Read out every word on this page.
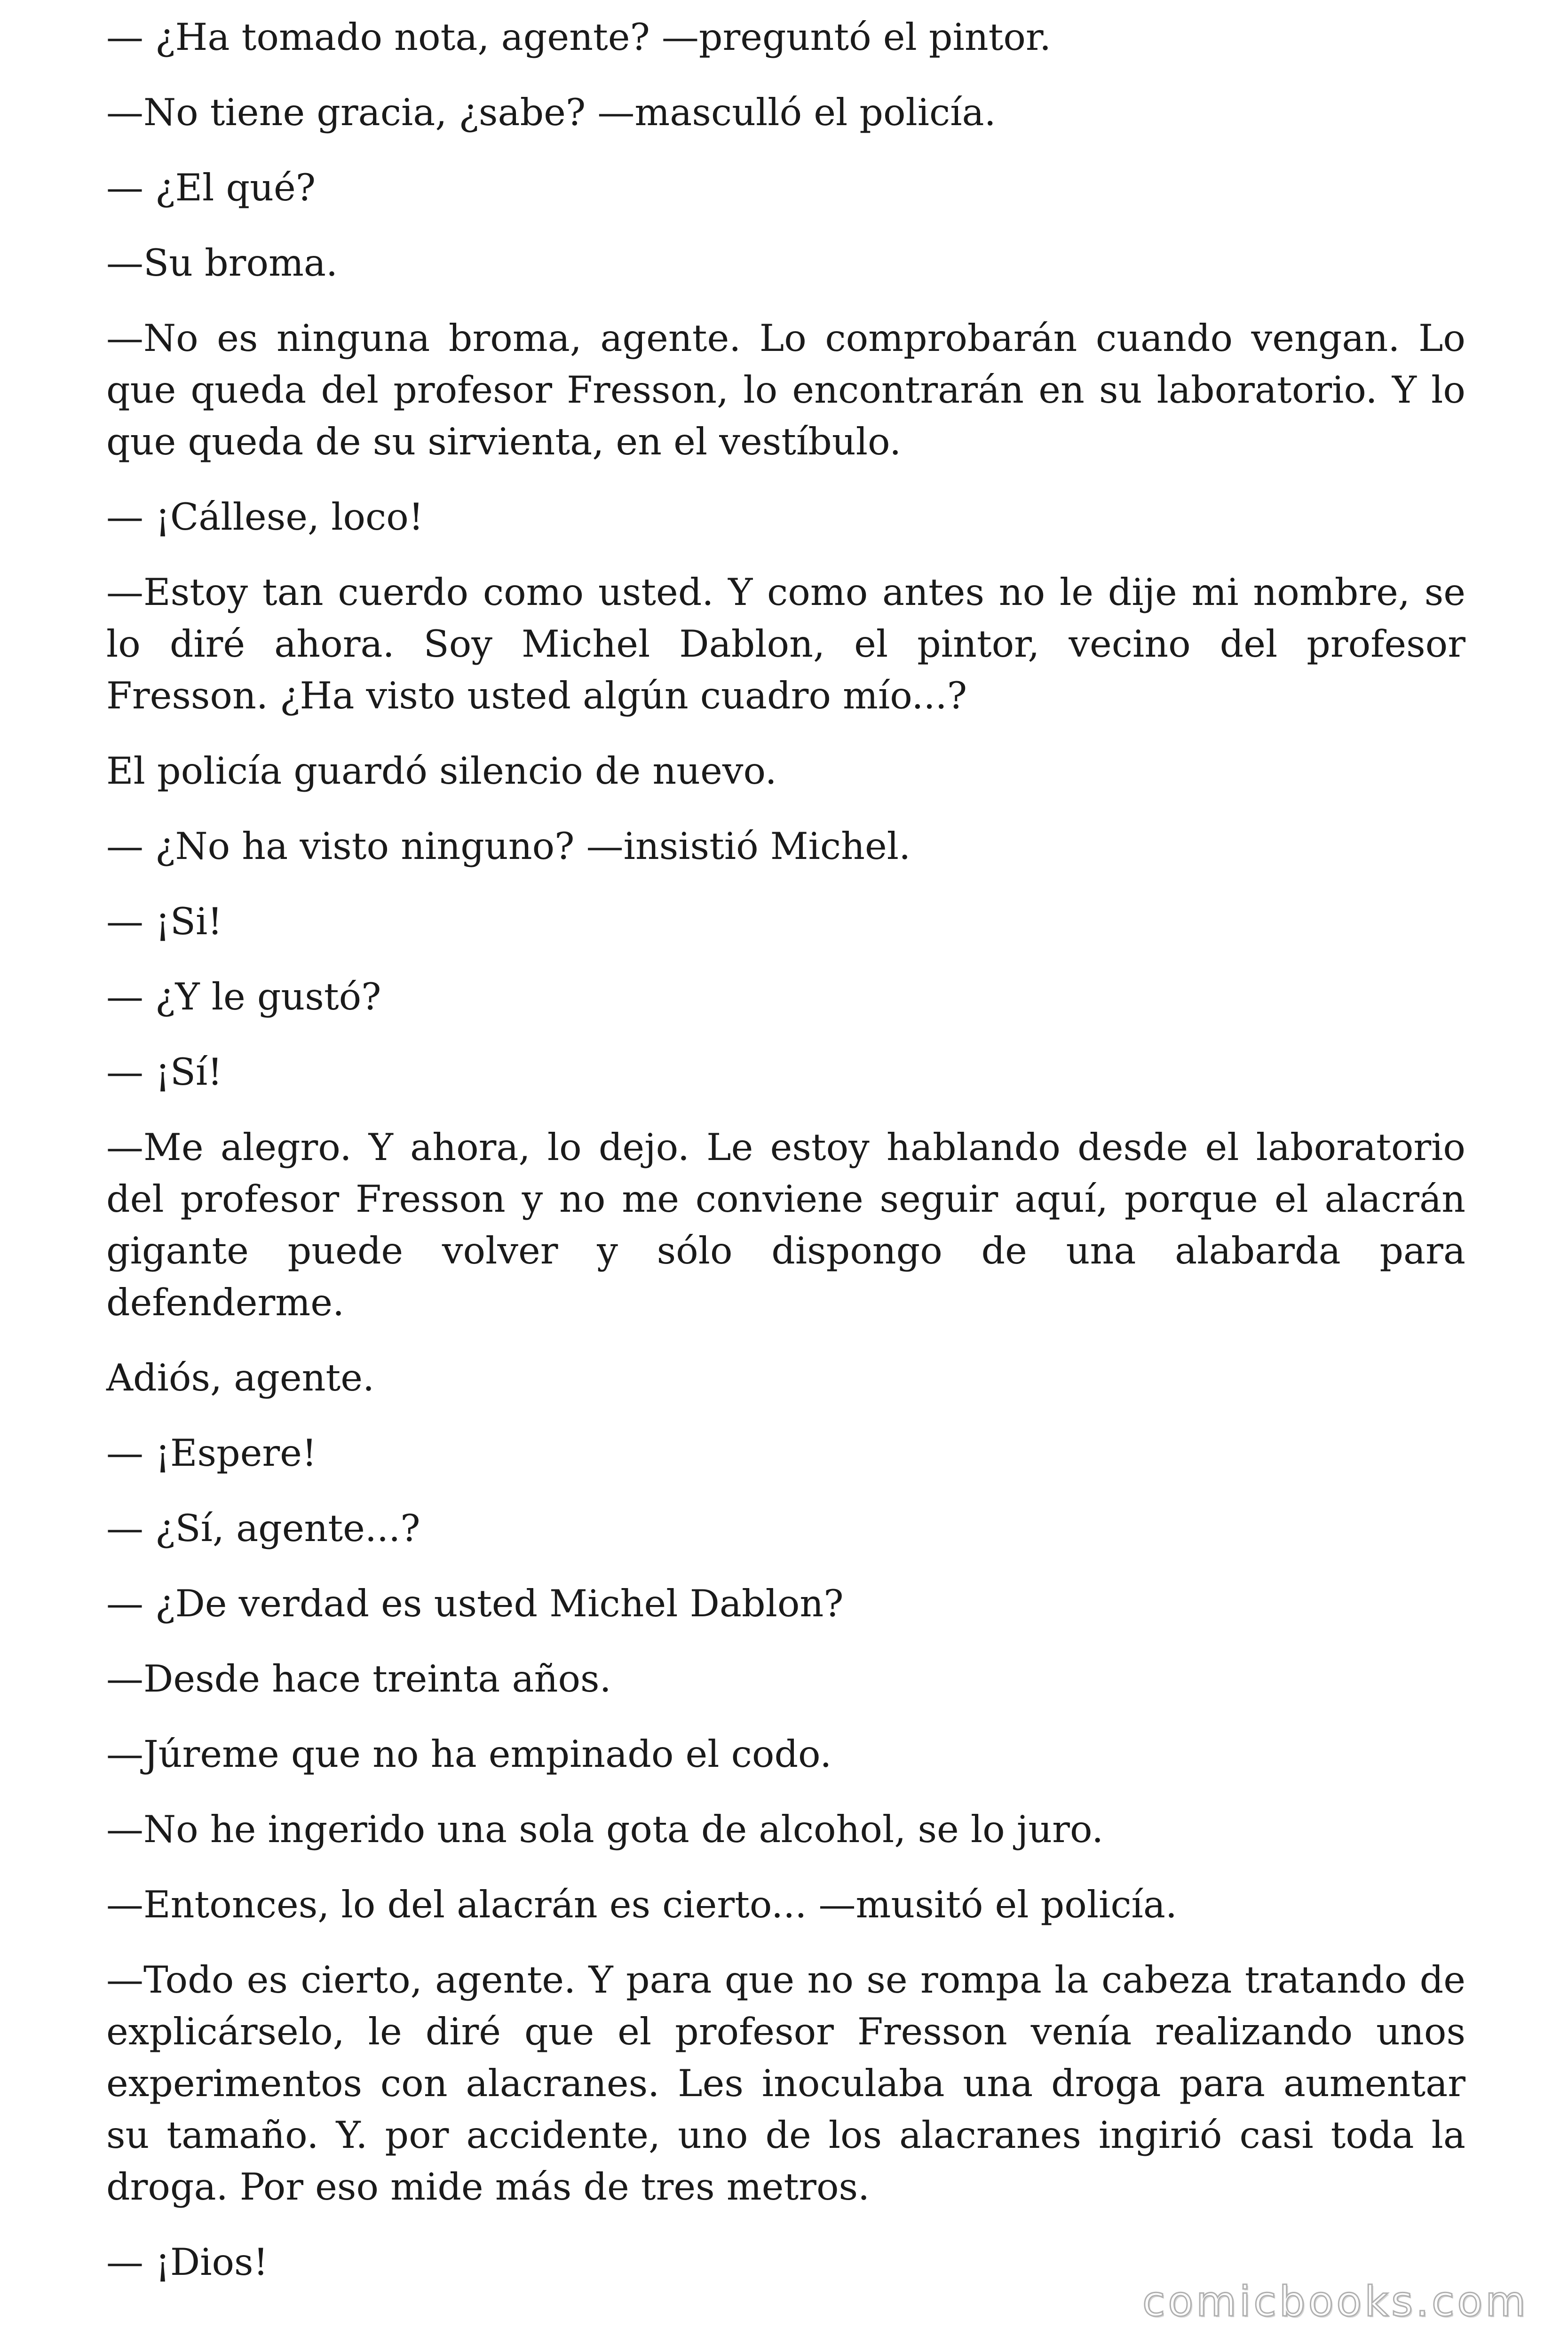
— ¿Ha tomado nota, agente? —preguntó el pintor.

—No tiene gracia, ¿sabe? —mascullό el policía.

— ¿El qué?

—Su broma.

—No es ninguna broma, agente. Lo comprobarán cuando vengan. Lo que queda del profesor Fresson, lo encontrarán en su laboratorio. Y lo que queda de su sirvienta, en el vestíbulo.

— ¡Cállese, loco!

—Estoy tan cuerdo como usted. Y como antes no le dije mi nombre, se lo diré ahora. Soy Michel Dablon, el pintor, vecino del profesor Fresson. ¿Ha visto usted algún cuadro mío...?

El policía guardó silencio de nuevo.

— ¿No ha visto ninguno? —insistió Michel.

— ¡Si!

— ¿Y le gustó?

— ¡Sí!

—Me alegro. Y ahora, lo dejo. Le estoy hablando desde el laboratorio del profesor Fresson y no me conviene seguir aquí, porque el alacrán gigante puede volver y sólo dispongo de una alabarda para defenderme.

Adiós, agente.

— ¡Espere!

— ¿Sí, agente...?

— ¿De verdad es usted Michel Dablon?

—Desde hace treinta años.

—Júreme que no ha empinado el codo.

—No he ingerido una sola gota de alcohol, se lo juro.

—Entonces, lo del alacrán es cierto... —musitó el policía.

—Todo es cierto, agente. Y para que no se rompa la cabeza tratando de explicárselo, le diré que el profesor Fresson venía realizando unos experimentos con alacranes. Les inoculaba una droga para aumentar su tamaño. Y. por accidente, uno de los alacranes ingirió casi toda la droga. Por eso mide más de tres metros.

— ¡Dios!

comicbooks.com
